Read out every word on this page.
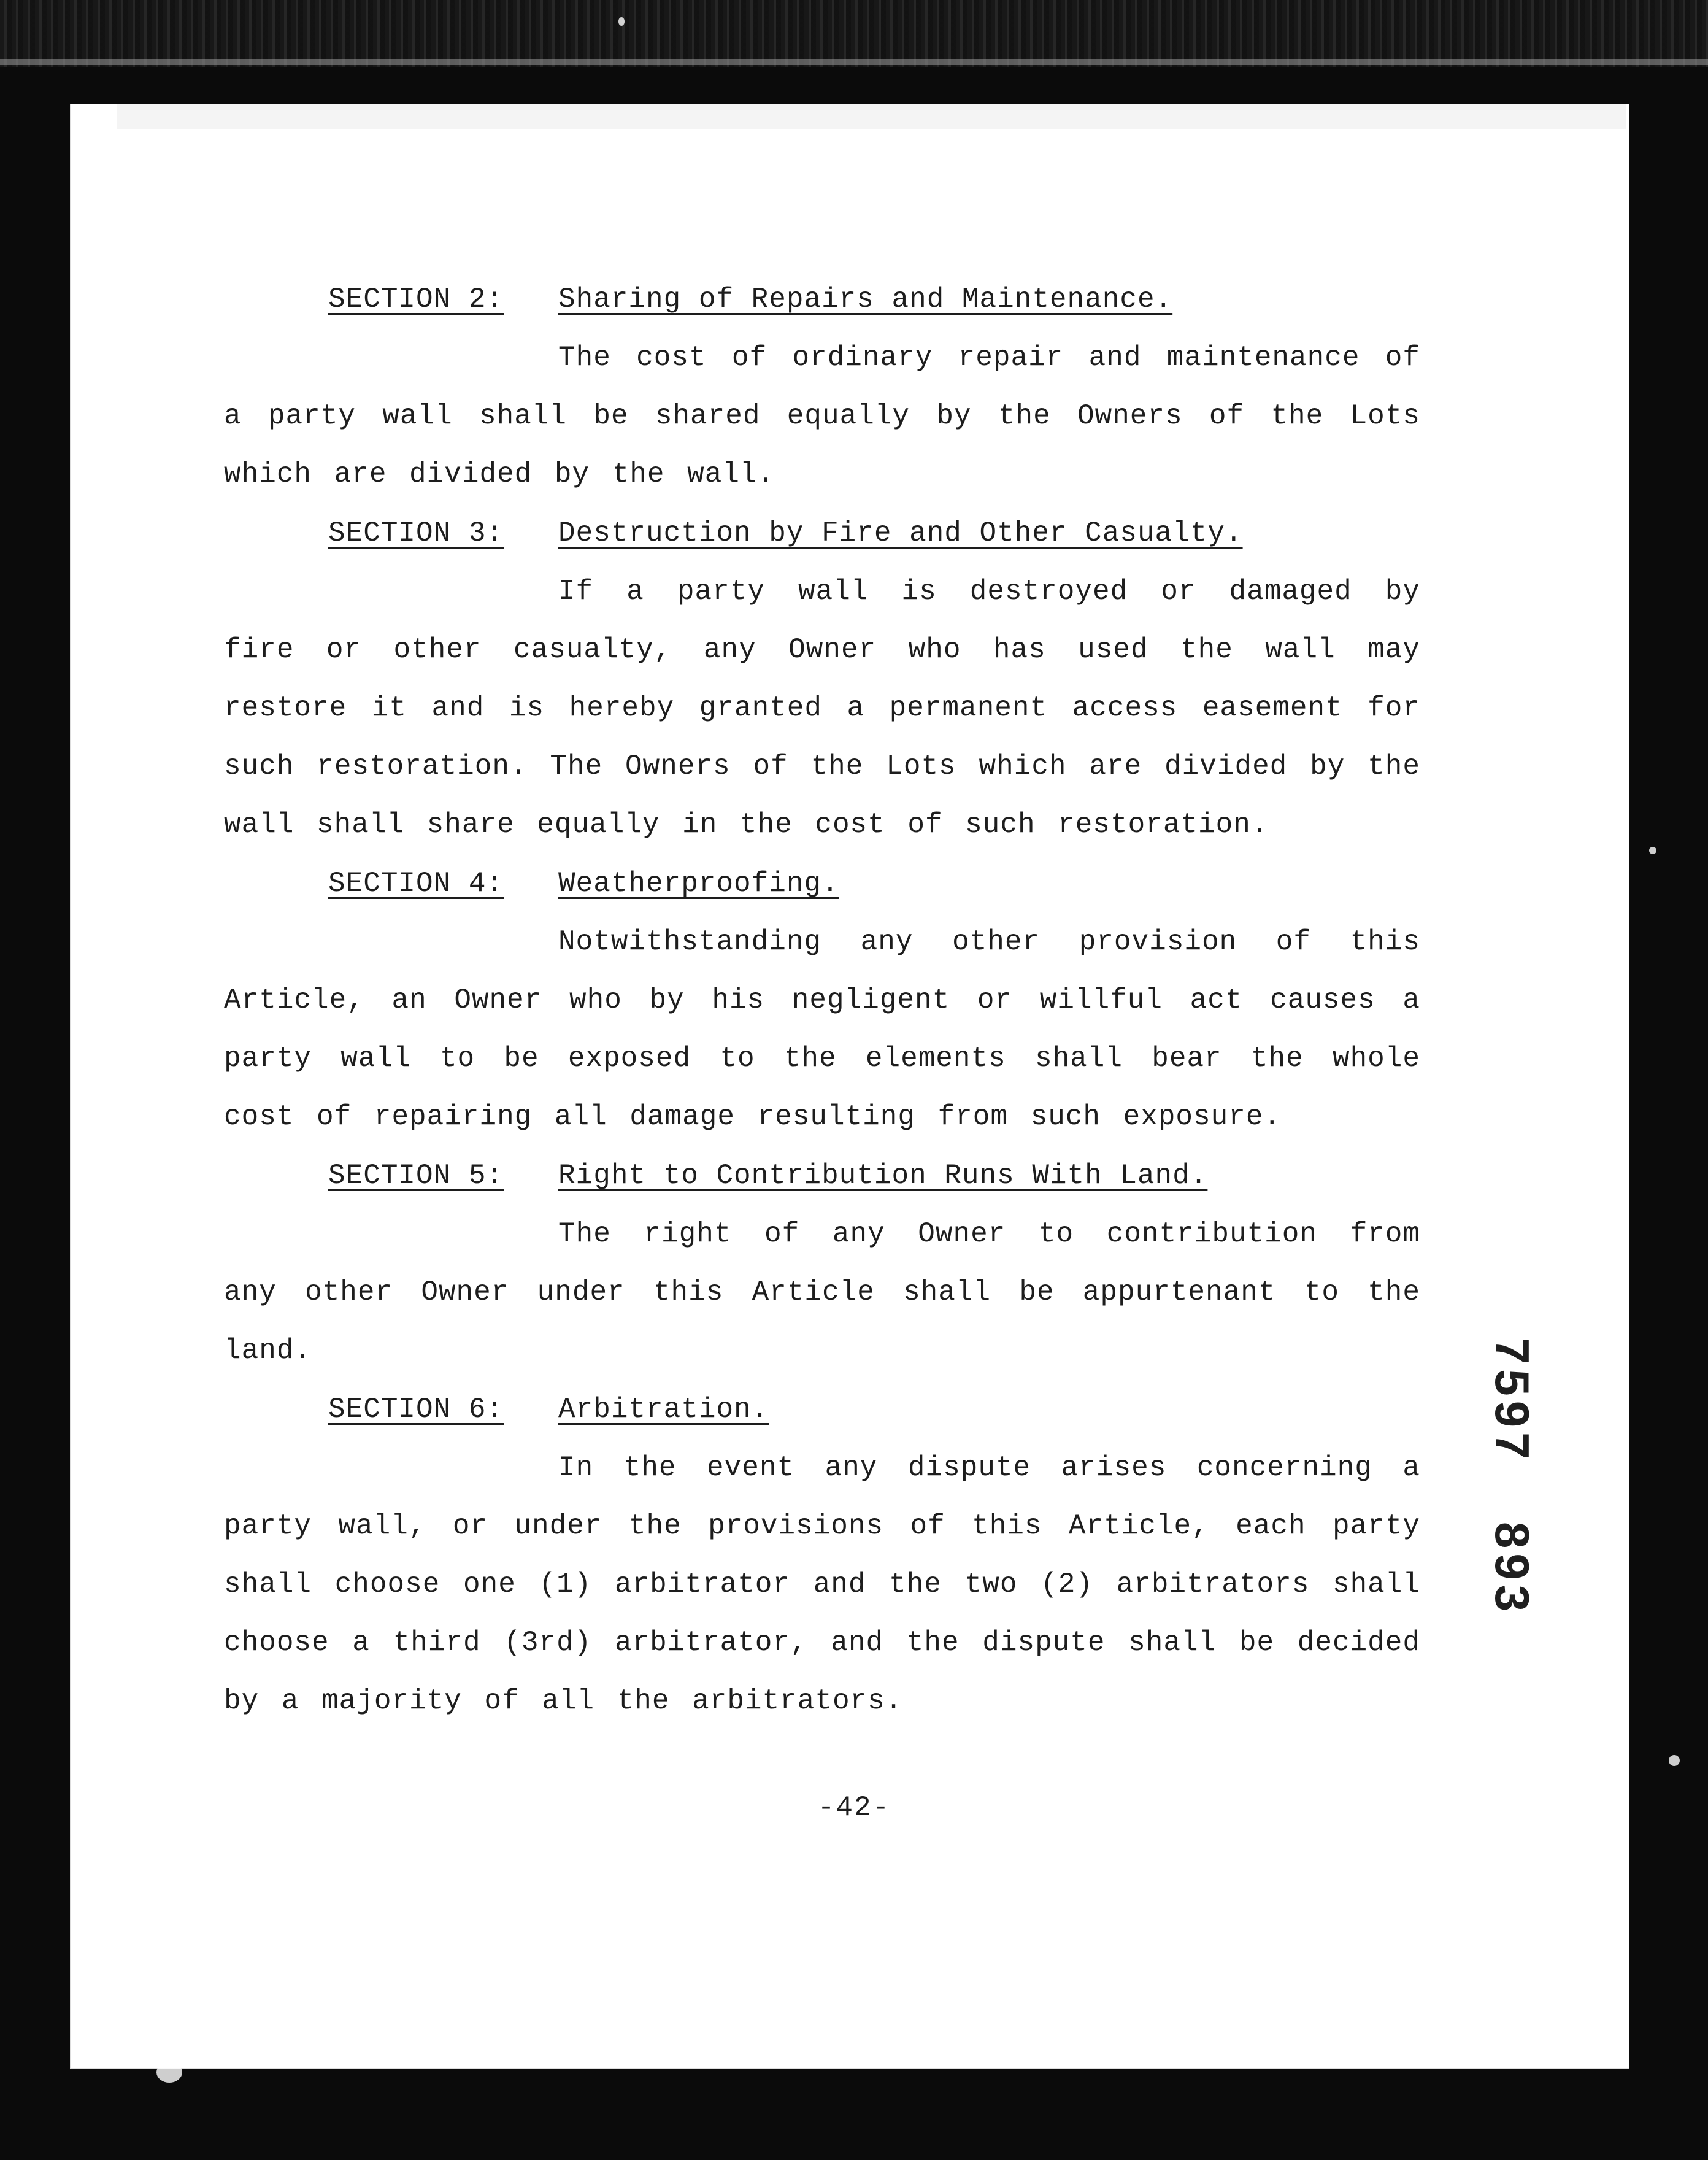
SECTION 2: Sharing of Repairs and Maintenance.

The cost of ordinary repair and maintenance of a party wall shall be shared equally by the Owners of the Lots which are divided by the wall.

SECTION 3: Destruction by Fire and Other Casualty.

If a party wall is destroyed or damaged by fire or other casualty, any Owner who has used the wall may restore it and is hereby granted a permanent access easement for such restoration. The Owners of the Lots which are divided by the wall shall share equally in the cost of such restoration.

SECTION 4: Weatherproofing.

Notwithstanding any other provision of this Article, an Owner who by his negligent or willful act causes a party wall to be exposed to the elements shall bear the whole cost of repairing all damage resulting from such exposure.

SECTION 5: Right to Contribution Runs With Land.

The right of any Owner to contribution from any other Owner under this Article shall be appurtenant to the land.

SECTION 6: Arbitration.

In the event any dispute arises concerning a party wall, or under the provisions of this Article, each party shall choose one (1) arbitrator and the two (2) arbitrators shall choose a third (3rd) arbitrator, and the dispute shall be decided by a majority of all the arbitrators.

-42-
7597
893
